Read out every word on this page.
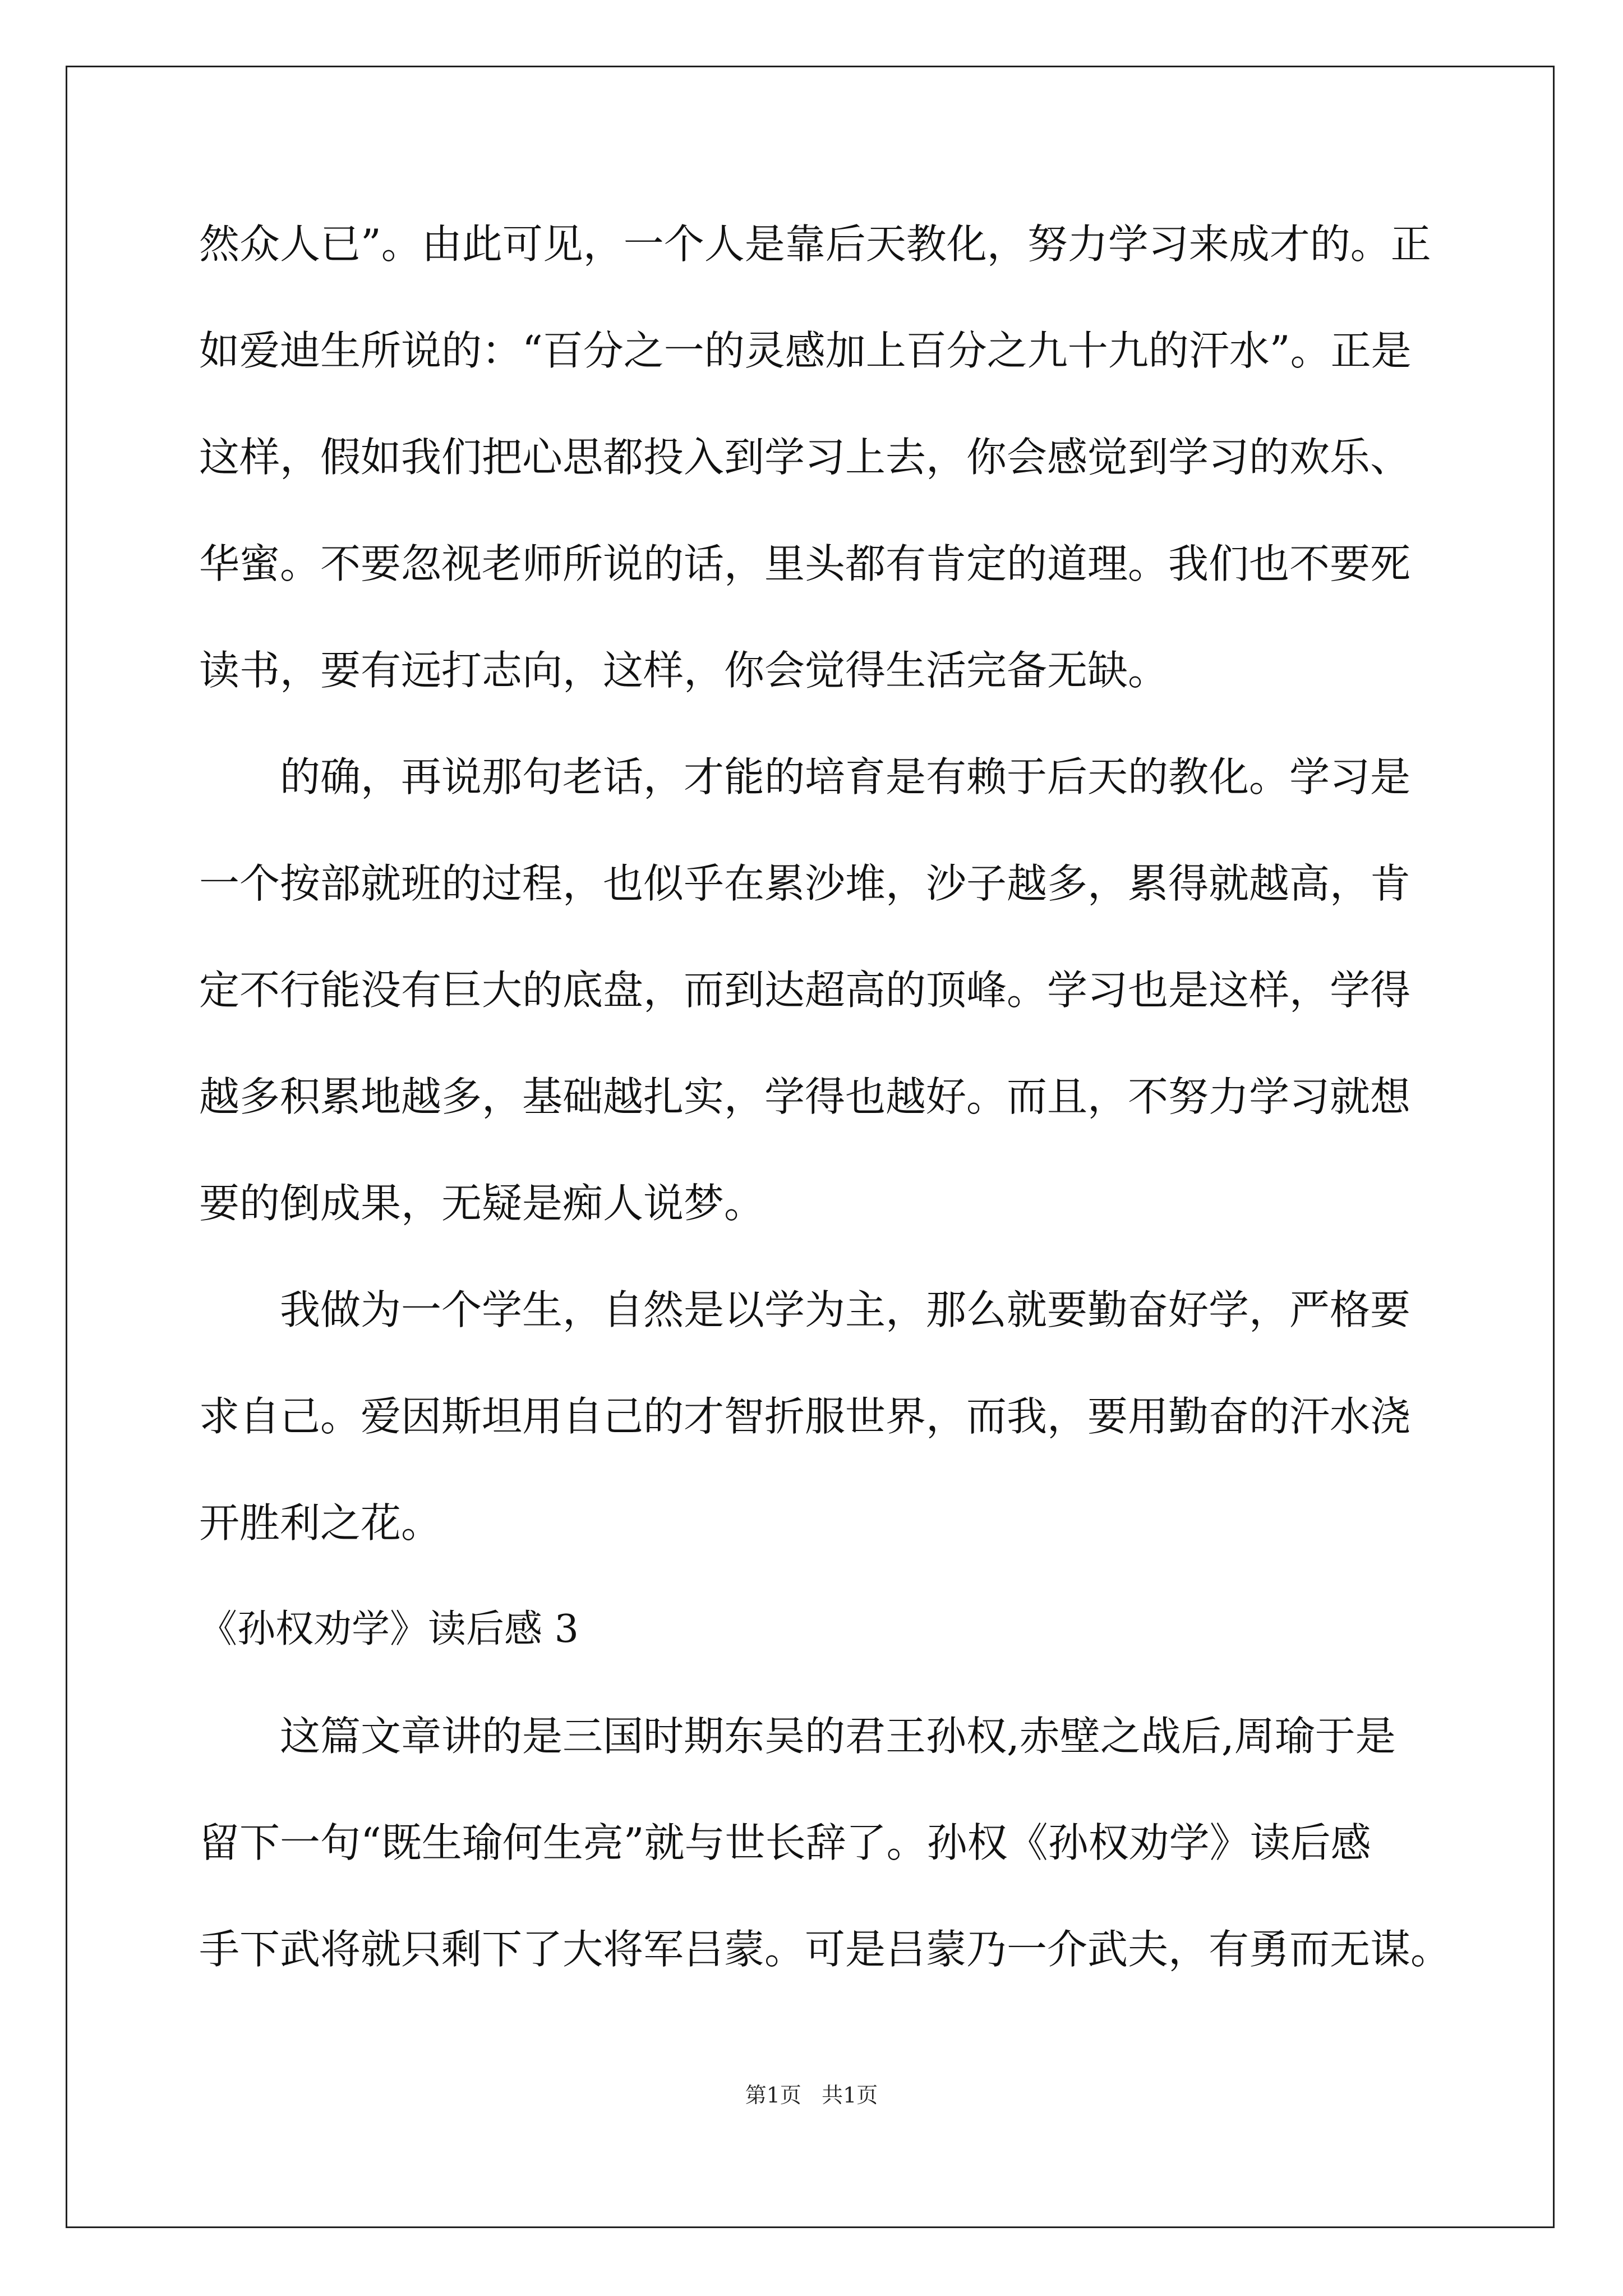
然众人已”。由此可见，一个人是靠后天教化，努力学习来成才的。正
如爱迪生所说的：“百分之一的灵感加上百分之九十九的汗水”。正是
这样，假如我们把心思都投入到学习上去，你会感觉到学习的欢乐、
华蜜。不要忽视老师所说的话，里头都有肯定的道理。我们也不要死
读书，要有远打志向，这样，你会觉得生活完备无缺。
的确，再说那句老话，才能的培育是有赖于后天的教化。学习是
一个按部就班的过程，也似乎在累沙堆，沙子越多，累得就越高，肯
定不行能没有巨大的底盘，而到达超高的顶峰。学习也是这样，学得
越多积累地越多，基础越扎实，学得也越好。而且，不努力学习就想
要的倒成果，无疑是痴人说梦。
我做为一个学生，自然是以学为主，那么就要勤奋好学，严格要
求自己。爱因斯坦用自己的才智折服世界，而我，要用勤奋的汗水浇
开胜利之花。
《孙权劝学》读后感 3
这篇文章讲的是三国时期东吴的君王孙权,赤壁之战后,周瑜于是
留下一句“既生瑜何生亮”就与世长辞了。孙权《孙权劝学》读后感
手下武将就只剩下了大将军吕蒙。可是吕蒙乃一介武夫，有勇而无谋。
第1页   共1页
